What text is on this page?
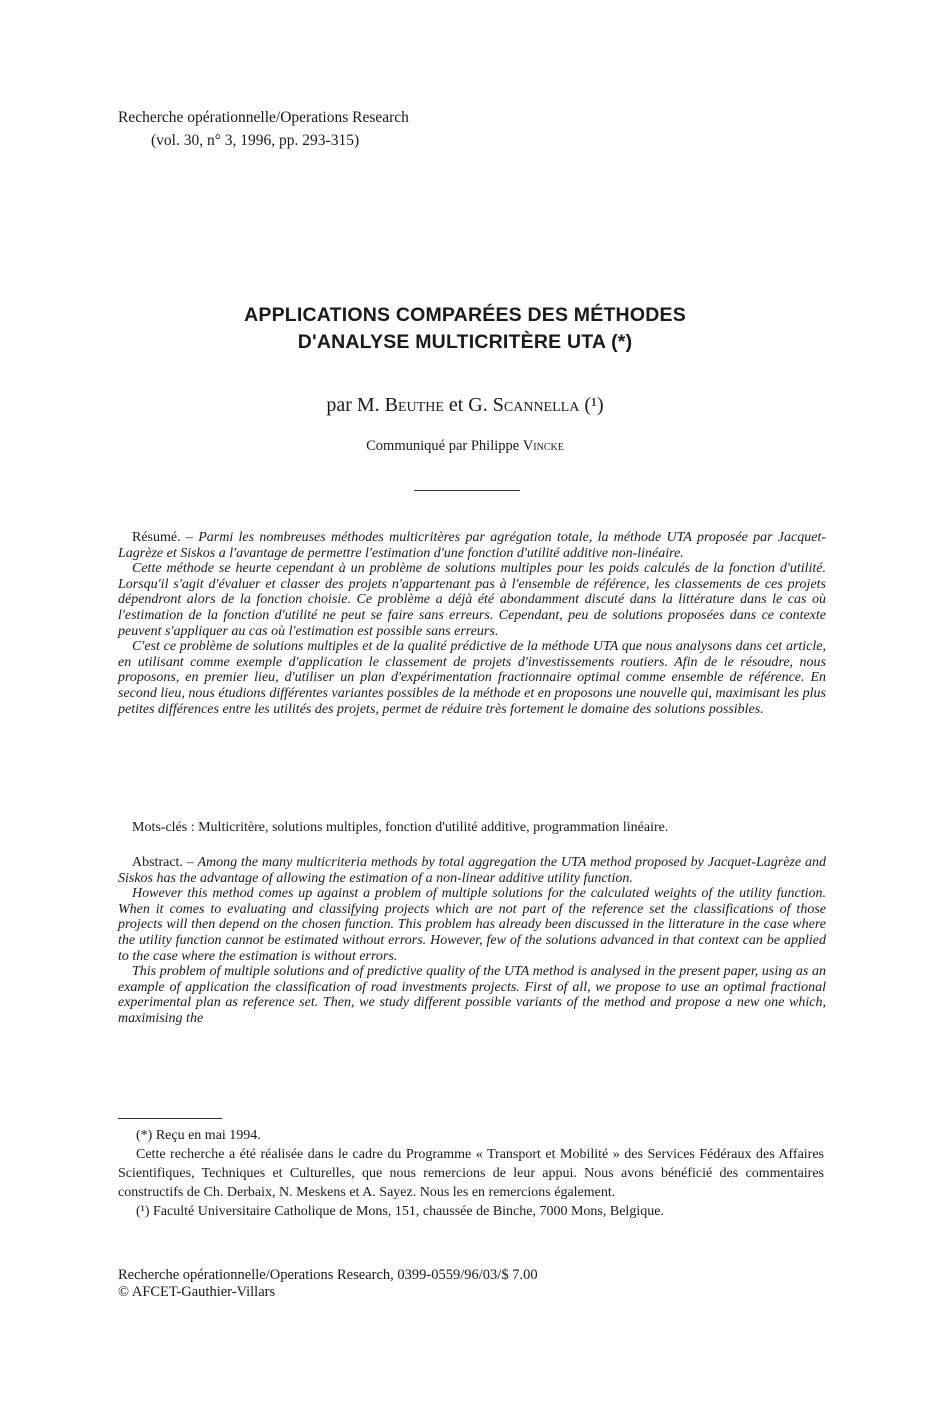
Recherche opérationnelle/Operations Research
(vol. 30, n° 3, 1996, pp. 293-315)
APPLICATIONS COMPARÉES DES MÉTHODES
D'ANALYSE MULTICRITÈRE UTA (*)
par M. Beuthe et G. Scannella (¹)
Communiqué par Philippe Vincke

Résumé. – Parmi les nombreuses méthodes multicritères par agrégation totale, la méthode UTA proposée par Jacquet-Lagrèze et Siskos a l'avantage de permettre l'estimation d'une fonction d'utilité additive non-linéaire.

Cette méthode se heurte cependant à un problème de solutions multiples pour les poids calculés de la fonction d'utilité. Lorsqu'il s'agit d'évaluer et classer des projets n'appartenant pas à l'ensemble de référence, les classements de ces projets dépendront alors de la fonction choisie. Ce problème a déjà été abondamment discuté dans la littérature dans le cas où l'estimation de la fonction d'utilité ne peut se faire sans erreurs. Cependant, peu de solutions proposées dans ce contexte peuvent s'appliquer au cas où l'estimation est possible sans erreurs.

C'est ce problème de solutions multiples et de la qualité prédictive de la méthode UTA que nous analysons dans cet article, en utilisant comme exemple d'application le classement de projets d'investissements routiers. Afin de le résoudre, nous proposons, en premier lieu, d'utiliser un plan d'expérimentation fractionnaire optimal comme ensemble de référence. En second lieu, nous étudions différentes variantes possibles de la méthode et en proposons une nouvelle qui, maximisant les plus petites différences entre les utilités des projets, permet de réduire très fortement le domaine des solutions possibles.

Mots-clés : Multicritère, solutions multiples, fonction d'utilité additive, programmation linéaire.

Abstract. – Among the many multicriteria methods by total aggregation the UTA method proposed by Jacquet-Lagrèze and Siskos has the advantage of allowing the estimation of a non-linear additive utility function.

However this method comes up against a problem of multiple solutions for the calculated weights of the utility function. When it comes to evaluating and classifying projects which are not part of the reference set the classifications of those projects will then depend on the chosen function. This problem has already been discussed in the litterature in the case where the utility function cannot be estimated without errors. However, few of the solutions advanced in that context can be applied to the case where the estimation is without errors.

This problem of multiple solutions and of predictive quality of the UTA method is analysed in the present paper, using as an example of application the classification of road investments projects. First of all, we propose to use an optimal fractional experimental plan as reference set. Then, we study different possible variants of the method and propose a new one which, maximising the

(*) Reçu en mai 1994.

Cette recherche a été réalisée dans le cadre du Programme « Transport et Mobilité » des Services Fédéraux des Affaires Scientifiques, Techniques et Culturelles, que nous remercions de leur appui. Nous avons bénéficié des commentaires constructifs de Ch. Derbaix, N. Meskens et A. Sayez. Nous les en remercions également.

(¹) Faculté Universitaire Catholique de Mons, 151, chaussée de Binche, 7000 Mons, Belgique.

Recherche opérationnelle/Operations Research, 0399-0559/96/03/$ 7.00
© AFCET-Gauthier-Villars
